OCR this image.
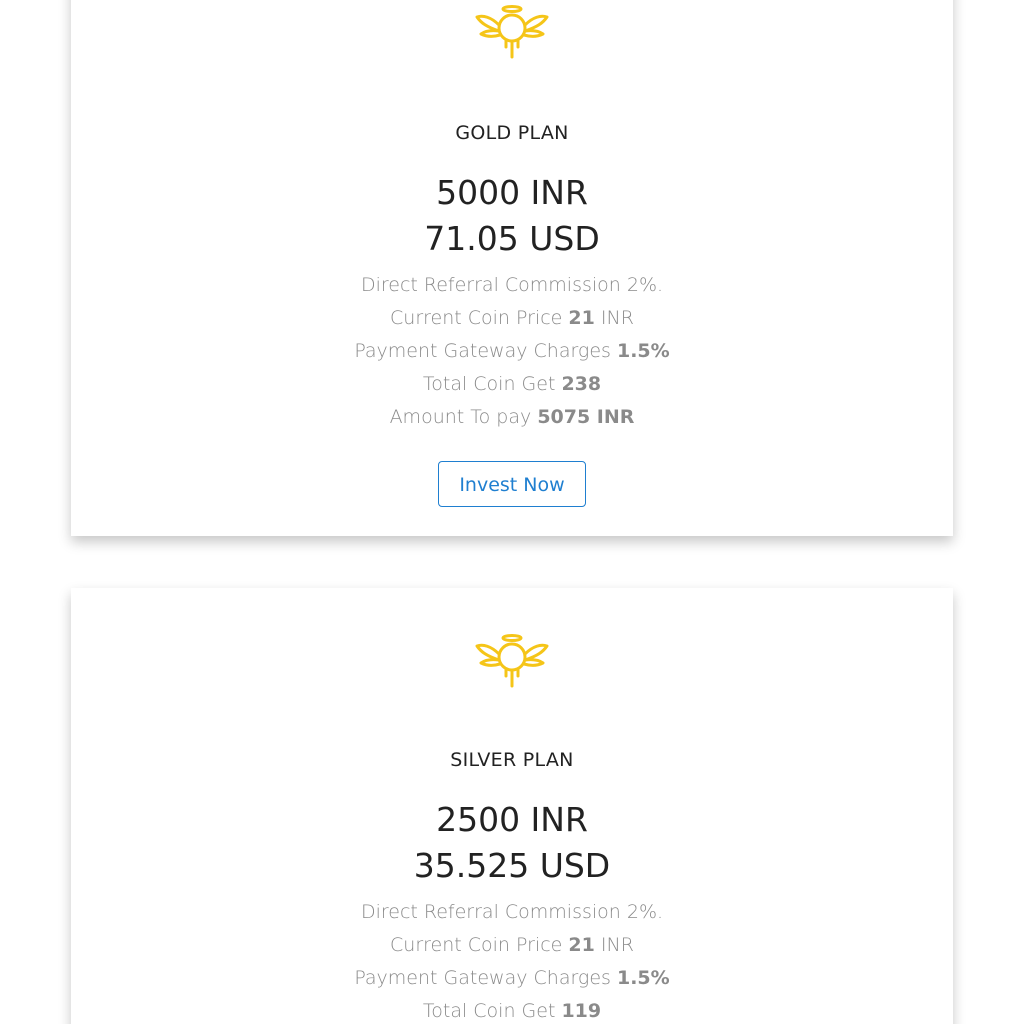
GOLD PLAN
5000 INR
71.05 USD
Direct Referral Commission 2%.
Current Coin Price 21 INR
Payment Gateway Charges 1.5%
Total Coin Get 238
Amount To pay 5075 INR
Invest Now
SILVER PLAN
2500 INR
35.525 USD
Direct Referral Commission 2%.
Current Coin Price 21 INR
Payment Gateway Charges 1.5%
Total Coin Get 119
